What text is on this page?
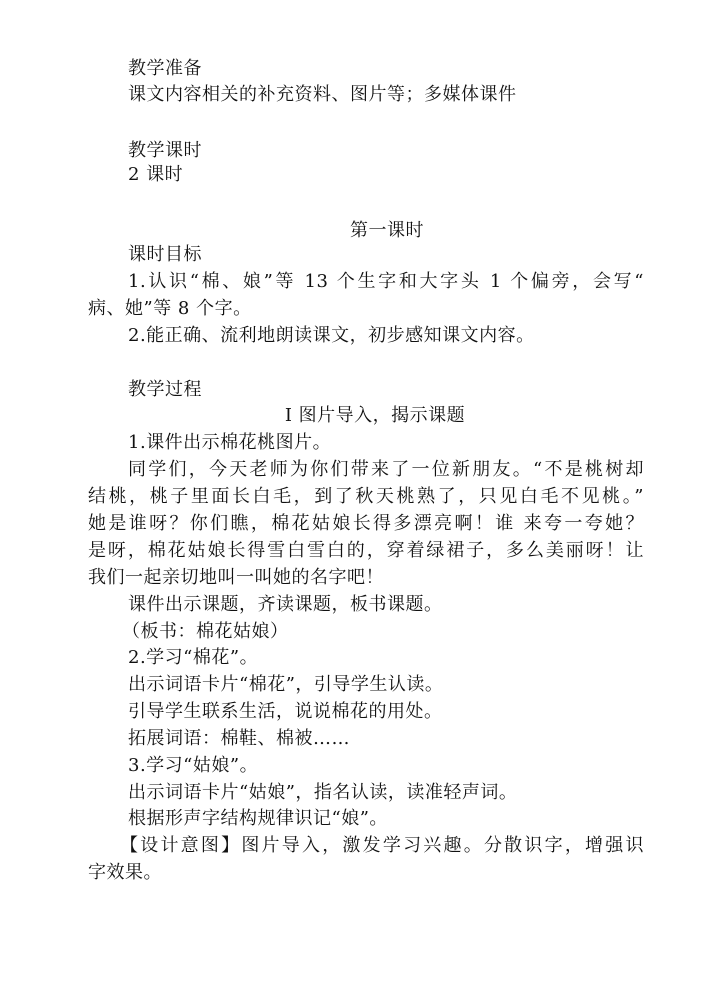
教学准备
课文内容相关的补充资料、图片等；多媒体课件
教学课时
2 课时
第一课时
课时目标
1.认识“棉、娘”等 13 个生字和大字头 1 个偏旁，会写“
病、她”等 8 个字。
2.能正确、流利地朗读课文，初步感知课文内容。
教学过程
Ⅰ 图片导入，揭示课题
1.课件出示棉花桃图片。
同学们，今天老师为你们带来了一位新朋友。“不是桃树却
结桃，桃子里面长白毛，到了秋天桃熟了，只见白毛不见桃。”
她是谁呀？你们瞧，棉花姑娘长得多漂亮啊！谁 来夸一夸她？
是呀，棉花姑娘长得雪白雪白的，穿着绿裙子，多么美丽呀！让
我们一起亲切地叫一叫她的名字吧！
课件出示课题，齐读课题，板书课题。
（板书：棉花姑娘）
2.学习“棉花”。
出示词语卡片“棉花”，引导学生认读。
引导学生联系生活，说说棉花的用处。
拓展词语：棉鞋、棉被……
3.学习“姑娘”。
出示词语卡片“姑娘”，指名认读，读准轻声词。
根据形声字结构规律识记“娘”。
【设计意图】图片导入，激发学习兴趣。分散识字，增强识
字效果。
